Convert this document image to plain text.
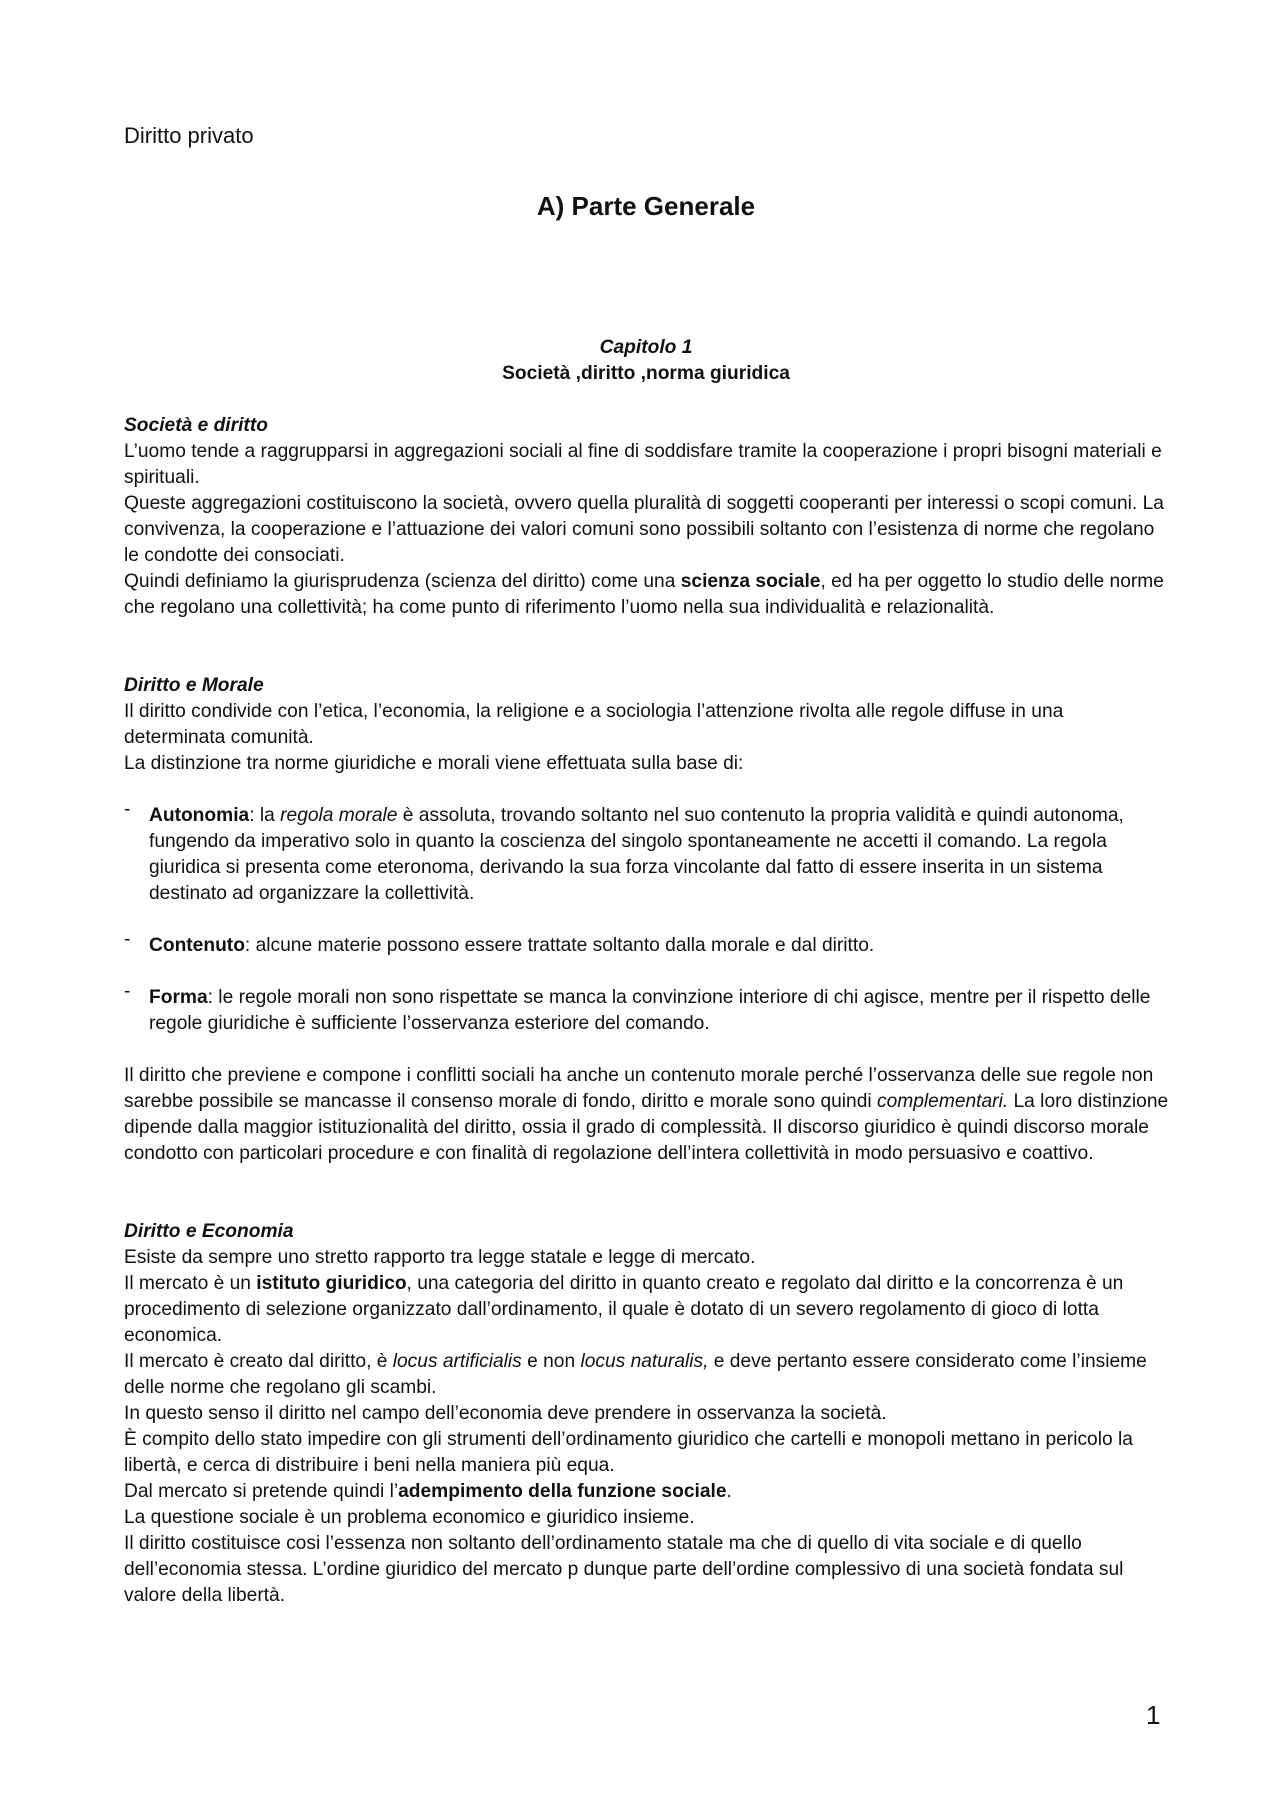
Diritto privato
A) Parte Generale
Capitolo 1
Società ,diritto ,norma giuridica

Società e diritto

L’uomo tende a raggrupparsi in aggregazioni sociali al fine di soddisfare tramite la cooperazione i propri bisogni materiali e spirituali.

Queste aggregazioni costituiscono la società, ovvero quella pluralità di soggetti cooperanti per interessi o scopi comuni. La convivenza, la cooperazione e l’attuazione dei valori comuni sono possibili soltanto con l’esistenza di norme che regolano le condotte dei consociati.

Quindi definiamo la giurisprudenza (scienza del diritto) come una scienza sociale, ed ha per oggetto lo studio delle norme che regolano una collettività; ha come punto di riferimento l’uomo nella sua individualità e relazionalità.

Diritto e Morale

Il diritto condivide con l’etica, l’economia, la religione e a sociologia l’attenzione rivolta alle regole diffuse in una determinata comunità.

La distinzione tra norme giuridiche e morali viene effettuata sulla base di:

- Autonomia: la regola morale è assoluta, trovando soltanto nel suo contenuto la propria validità e quindi autonoma, fungendo da imperativo solo in quanto la coscienza del singolo spontaneamente ne accetti il comando. La regola giuridica si presenta come eteronoma, derivando la sua forza vincolante dal fatto di essere inserita in un sistema destinato ad organizzare la collettività.

- Contenuto: alcune materie possono essere trattate soltanto dalla morale e dal diritto.

- Forma: le regole morali non sono rispettate se manca la convinzione interiore di chi agisce, mentre per il rispetto delle regole giuridiche è sufficiente l’osservanza esteriore del comando.

Il diritto che previene e compone i conflitti sociali ha anche un contenuto morale perché l’osservanza delle sue regole non sarebbe possibile se mancasse il consenso morale di fondo, diritto e morale sono quindi complementari. La loro distinzione dipende dalla maggior istituzionalità del diritto, ossia il grado di complessità. Il discorso giuridico è quindi discorso morale condotto con particolari procedure e con finalità di regolazione dell’intera collettività in modo persuasivo e coattivo.

Diritto e Economia

Esiste da sempre uno stretto rapporto tra legge statale e legge di mercato.

Il mercato è un istituto giuridico, una categoria del diritto in quanto creato e regolato dal diritto e la concorrenza è un procedimento di selezione organizzato dall’ordinamento, il quale è dotato di un severo regolamento di gioco di lotta economica.

Il mercato è creato dal diritto, è locus artificialis e non locus naturalis, e deve pertanto essere considerato come l’insieme delle norme che regolano gli scambi.

In questo senso il diritto nel campo dell’economia deve prendere in osservanza la società.

È compito dello stato impedire con gli strumenti dell’ordinamento giuridico che cartelli e monopoli mettano in pericolo la libertà, e cerca di distribuire i beni nella maniera più equa.

Dal mercato si pretende quindi l’adempimento della funzione sociale.

La questione sociale è un problema economico e giuridico insieme.

Il diritto costituisce cosi l’essenza non soltanto dell’ordinamento statale ma che di quello di vita sociale e di quello dell’economia stessa. L’ordine giuridico del mercato p dunque parte dell’ordine complessivo di una società fondata sul valore della libertà.

1
